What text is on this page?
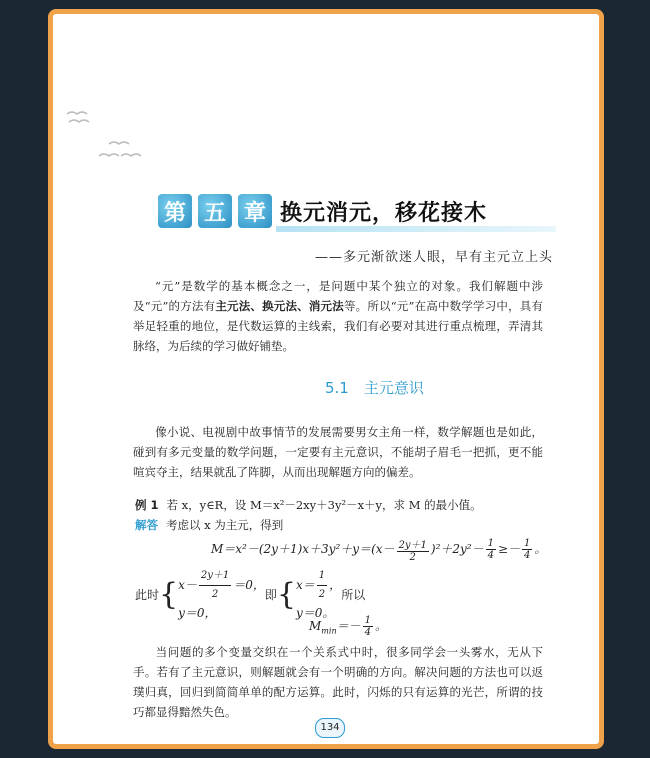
第 五 章 换元消元，移花接木
——多元渐欲迷人眼，早有主元立上头
“元”是数学的基本概念之一，是问题中某个独立的对象。我们解题中涉及“元”的方法有主元法、换元法、消元法等。所以“元”在高中数学学习中，具有举足轻重的地位，是代数运算的主线索，我们有必要对其进行重点梳理，弄清其脉络，为后续的学习做好铺垫。
5.1　主元意识
像小说、电视剧中故事情节的发展需要男女主角一样，数学解题也是如此，碰到有多元变量的数学问题，一定要有主元意识，不能胡子眉毛一把抓，更不能喧宾夺主，结果就乱了阵脚，从而出现解题方向的偏差。
例 1 若 x，y∈R，设 M＝x²－2xy＋3y²－x＋y，求 M 的最小值。
解答 考虑以 x 为主元，得到
$M=x^2-(2y+1)x+3y^2+y=(x- \frac{2y+1}{2} )^2+2y^2- \frac{1}{4} \ge- \frac{1}{4}$ 。
此时{ $x- \frac{2y+1}{2} =0$，
y＝0，
即{ $x= \frac{1}{2}$ ，
y＝0。
所以
$M_{min}=- \frac{1}{4}$ 。
当问题的多个变量交织在一个关系式中时，很多同学会一头雾水，无从下手。若有了主元意识，则解题就会有一个明确的方向。解决问题的方法也可以返璞归真，回归到简简单单的配方运算。此时，闪烁的只有运算的光芒，所谓的技巧都显得黯然失色。
134
